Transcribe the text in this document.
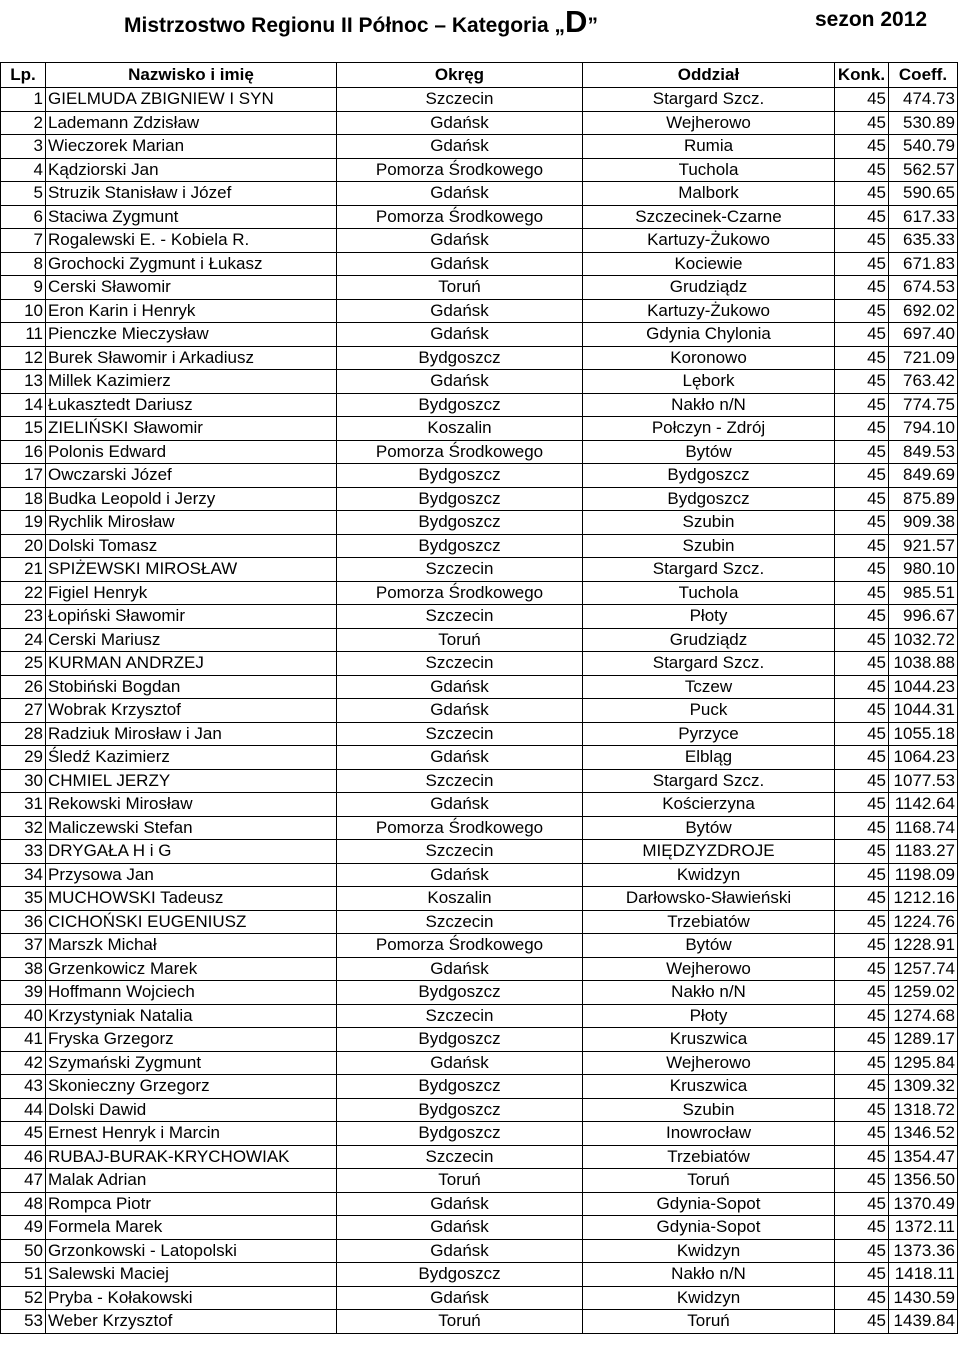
Mistrzostwo Regionu II Północ – Kategoria „D”	sezon 2012
Lp.	Nazwisko i imię	Okręg	Oddział	Konk.	Coeff.
1	GIELMUDA ZBIGNIEW I SYN	Szczecin	Stargard Szcz.	45	474.73
2	Lademann Zdzisław	Gdańsk	Wejherowo	45	530.89
3	Wieczorek Marian	Gdańsk	Rumia	45	540.79
4	Kądziorski Jan	Pomorza Środkowego	Tuchola	45	562.57
5	Struzik Stanisław i Józef	Gdańsk	Malbork	45	590.65
6	Staciwa Zygmunt	Pomorza Środkowego	Szczecinek-Czarne	45	617.33
7	Rogalewski E. - Kobiela R.	Gdańsk	Kartuzy-Żukowo	45	635.33
8	Grochocki Zygmunt i Łukasz	Gdańsk	Kociewie	45	671.83
9	Cerski Sławomir	Toruń	Grudziądz	45	674.53
10	Eron Karin i Henryk	Gdańsk	Kartuzy-Żukowo	45	692.02
11	Pienczke Mieczysław	Gdańsk	Gdynia Chylonia	45	697.40
12	Burek Sławomir i Arkadiusz	Bydgoszcz	Koronowo	45	721.09
13	Millek Kazimierz	Gdańsk	Lębork	45	763.42
14	Łukasztedt Dariusz	Bydgoszcz	Nakło n/N	45	774.75
15	ZIELIŃSKI Sławomir	Koszalin	Połczyn - Zdrój	45	794.10
16	Polonis Edward	Pomorza Środkowego	Bytów	45	849.53
17	Owczarski Józef	Bydgoszcz	Bydgoszcz	45	849.69
18	Budka Leopold i Jerzy	Bydgoszcz	Bydgoszcz	45	875.89
19	Rychlik Mirosław	Bydgoszcz	Szubin	45	909.38
20	Dolski Tomasz	Bydgoszcz	Szubin	45	921.57
21	SPIŻEWSKI MIROSŁAW	Szczecin	Stargard Szcz.	45	980.10
22	Figiel Henryk	Pomorza Środkowego	Tuchola	45	985.51
23	Łopiński Sławomir	Szczecin	Płoty	45	996.67
24	Cerski Mariusz	Toruń	Grudziądz	45	1032.72
25	KURMAN ANDRZEJ	Szczecin	Stargard Szcz.	45	1038.88
26	Stobiński Bogdan	Gdańsk	Tczew	45	1044.23
27	Wobrak Krzysztof	Gdańsk	Puck	45	1044.31
28	Radziuk Mirosław i Jan	Szczecin	Pyrzyce	45	1055.18
29	Śledź Kazimierz	Gdańsk	Elbląg	45	1064.23
30	CHMIEL JERZY	Szczecin	Stargard Szcz.	45	1077.53
31	Rekowski Mirosław	Gdańsk	Kościerzyna	45	1142.64
32	Maliczewski Stefan	Pomorza Środkowego	Bytów	45	1168.74
33	DRYGAŁA H i G	Szczecin	MIĘDZYZDROJE	45	1183.27
34	Przysowa Jan	Gdańsk	Kwidzyn	45	1198.09
35	MUCHOWSKI Tadeusz	Koszalin	Darłowsko-Sławieński	45	1212.16
36	CICHOŃSKI EUGENIUSZ	Szczecin	Trzebiatów	45	1224.76
37	Marszk Michał	Pomorza Środkowego	Bytów	45	1228.91
38	Grzenkowicz Marek	Gdańsk	Wejherowo	45	1257.74
39	Hoffmann Wojciech	Bydgoszcz	Nakło n/N	45	1259.02
40	Krzystyniak Natalia	Szczecin	Płoty	45	1274.68
41	Fryska Grzegorz	Bydgoszcz	Kruszwica	45	1289.17
42	Szymański Zygmunt	Gdańsk	Wejherowo	45	1295.84
43	Skonieczny Grzegorz	Bydgoszcz	Kruszwica	45	1309.32
44	Dolski Dawid	Bydgoszcz	Szubin	45	1318.72
45	Ernest Henryk i Marcin	Bydgoszcz	Inowrocław	45	1346.52
46	RUBAJ-BURAK-KRYCHOWIAK	Szczecin	Trzebiatów	45	1354.47
47	Malak Adrian	Toruń	Toruń	45	1356.50
48	Rompca Piotr	Gdańsk	Gdynia-Sopot	45	1370.49
49	Formela Marek	Gdańsk	Gdynia-Sopot	45	1372.11
50	Grzonkowski - Latopolski	Gdańsk	Kwidzyn	45	1373.36
51	Salewski Maciej	Bydgoszcz	Nakło n/N	45	1418.11
52	Pryba - Kołakowski	Gdańsk	Kwidzyn	45	1430.59
53	Weber Krzysztof	Toruń	Toruń	45	1439.84
